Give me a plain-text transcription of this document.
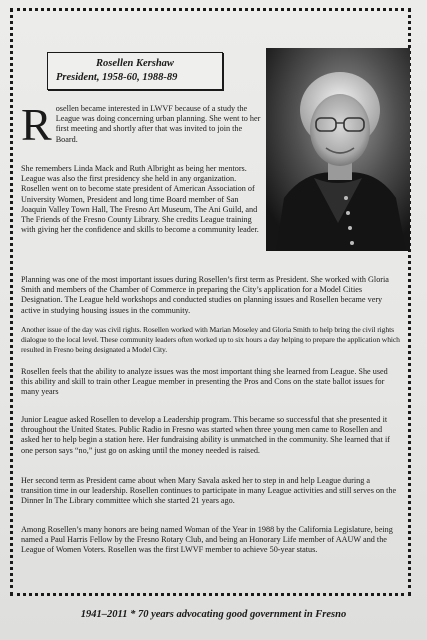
Rosellen Kershaw
President, 1958-60, 1988-89

R osellen became interested in LWVF because of a study the League was doing concerning urban planning. She went to her first meeting and shortly after that was invited to join the Board.

She remembers Linda Mack and Ruth Albright as being her mentors. League was also the first presidency she held in any organization. Rosellen went on to become state president of American Association of University Women, President and long time Board member of San Joaquin Valley Town Hall, The Fresno Art Museum, The Ani Guild, and The Friends of the Fresno County Library. She credits League training with giving her the confidence and skills to become a community leader.

Planning was one of the most important issues during Rosellen’s first term as President. She worked with Gloria Smith and members of the Chamber of Commerce in preparing the City’s application for a Model Cities Designation. The League held workshops and conducted studies on planning issues and Rosellen became very active in studying housing issues in the community.

Another issue of the day was civil rights. Rosellen worked with Marian Moseley and Gloria Smith to help bring the civil rights dialogue to the local level. These community leaders often worked up to six hours a day helping to prepare the application which resulted in Fresno being designated a Model City.

Rosellen feels that the ability to analyze issues was the most important thing she learned from League. She used this ability and skill to train other League member in presenting the Pros and Cons on the state ballot issues for many years

Junior League asked Rosellen to develop a Leadership program. This became so successful that she presented it throughout the United States. Public Radio in Fresno was started when three young men came to Rosellen and asked her to help begin a station here. Her fundraising ability is unmatched in the community. She learned that if one person says “no,” just go on asking until the money needed is raised.

Her second term as President came about when Mary Savala asked her to step in and help League during a transition time in our leadership. Rosellen continues to participate in many League activities and still serves on the Dinner In The Library committee which she started 21 years ago.

Among Rosellen’s many honors are being named Woman of the Year in 1988 by the California Legislature, being named a Paul Harris Fellow by the Fresno Rotary Club, and being an Honorary Life member of AAUW and the League of Women Voters. Rosellen was the first LWVF member to achieve 50-year status.

1941–2011 * 70 years advocating good government in Fresno
